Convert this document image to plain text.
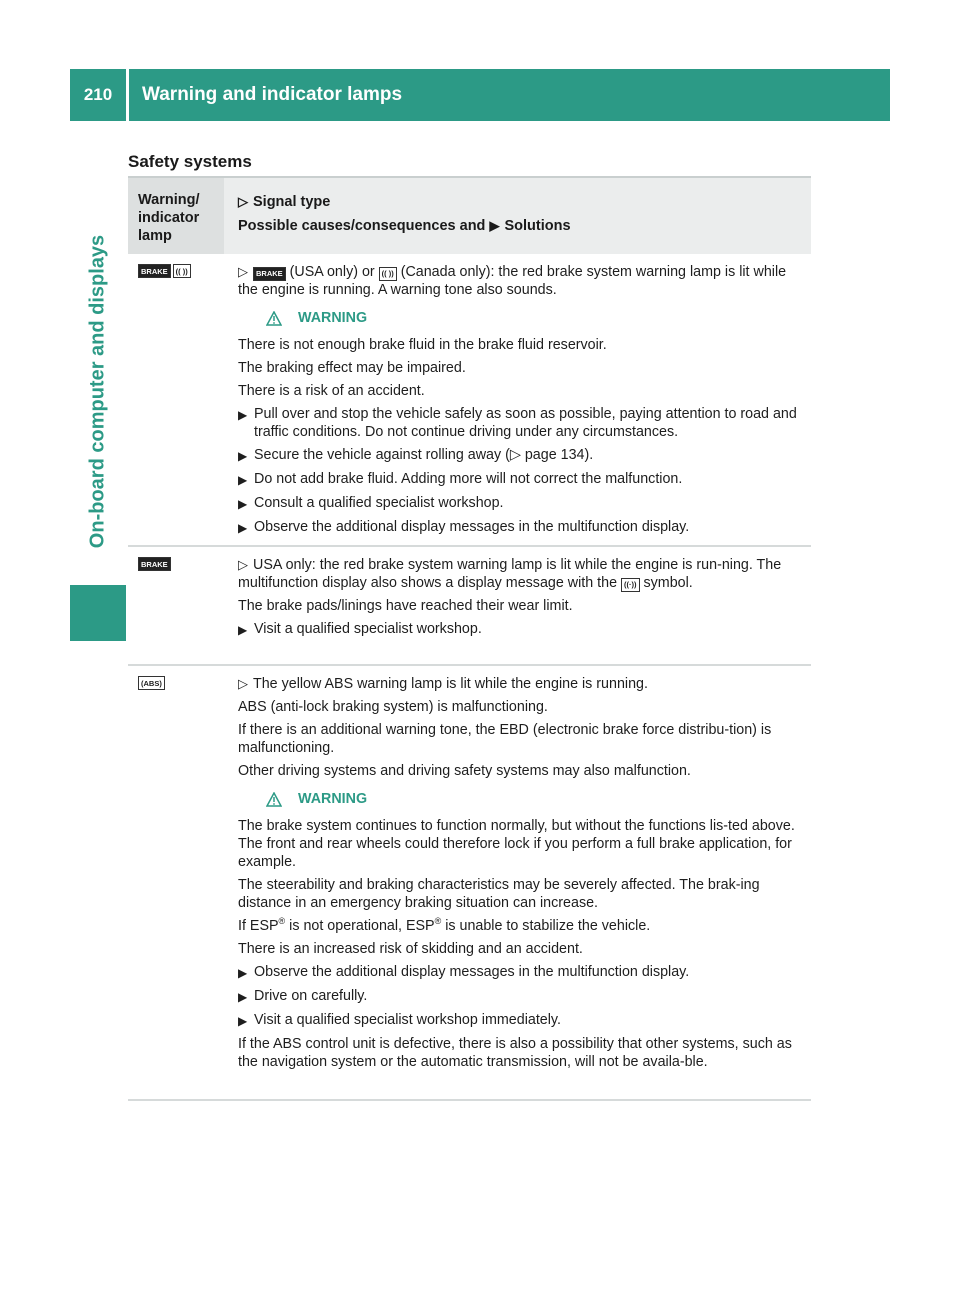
210	Warning and indicator lamps
On-board computer and displays
Safety systems
Warning/ indicator lamp
▷ Signal type
Possible causes/consequences and ▶ Solutions
BRAKE	(( ))	▷ BRAKE (USA only) or (( )) (Canada only): the red brake system warning lamp is lit while the engine is running. A warning tone also sounds.

WARNING

There is not enough brake fluid in the brake fluid reservoir.

The braking effect may be impaired.

There is a risk of an accident.

▶ Pull over and stop the vehicle safely as soon as possible, paying attention to road and traffic conditions. Do not continue driving under any circumstances.
▶ Secure the vehicle against rolling away (▷ page 134).
▶ Do not add brake fluid. Adding more will not correct the malfunction.
▶ Consult a qualified specialist workshop.
▶ Observe the additional display messages in the multifunction display.
BRAKE	▷ USA only: the red brake system warning lamp is lit while the engine is run-ning. The multifunction display also shows a display message with the ((·)) symbol.

The brake pads/linings have reached their wear limit.

▶ Visit a qualified specialist workshop.
(ABS)	▷ The yellow ABS warning lamp is lit while the engine is running.

ABS (anti-lock braking system) is malfunctioning.

If there is an additional warning tone, the EBD (electronic brake force distribu-tion) is malfunctioning.

Other driving systems and driving safety systems may also malfunction.

WARNING

The brake system continues to function normally, but without the functions lis-ted above. The front and rear wheels could therefore lock if you perform a full brake application, for example.

The steerability and braking characteristics may be severely affected. The brak-ing distance in an emergency braking situation can increase.

If ESP® is not operational, ESP® is unable to stabilize the vehicle.

There is an increased risk of skidding and an accident.

▶ Observe the additional display messages in the multifunction display.
▶ Drive on carefully.
▶ Visit a qualified specialist workshop immediately.

If the ABS control unit is defective, there is also a possibility that other systems, such as the navigation system or the automatic transmission, will not be availa-ble.
